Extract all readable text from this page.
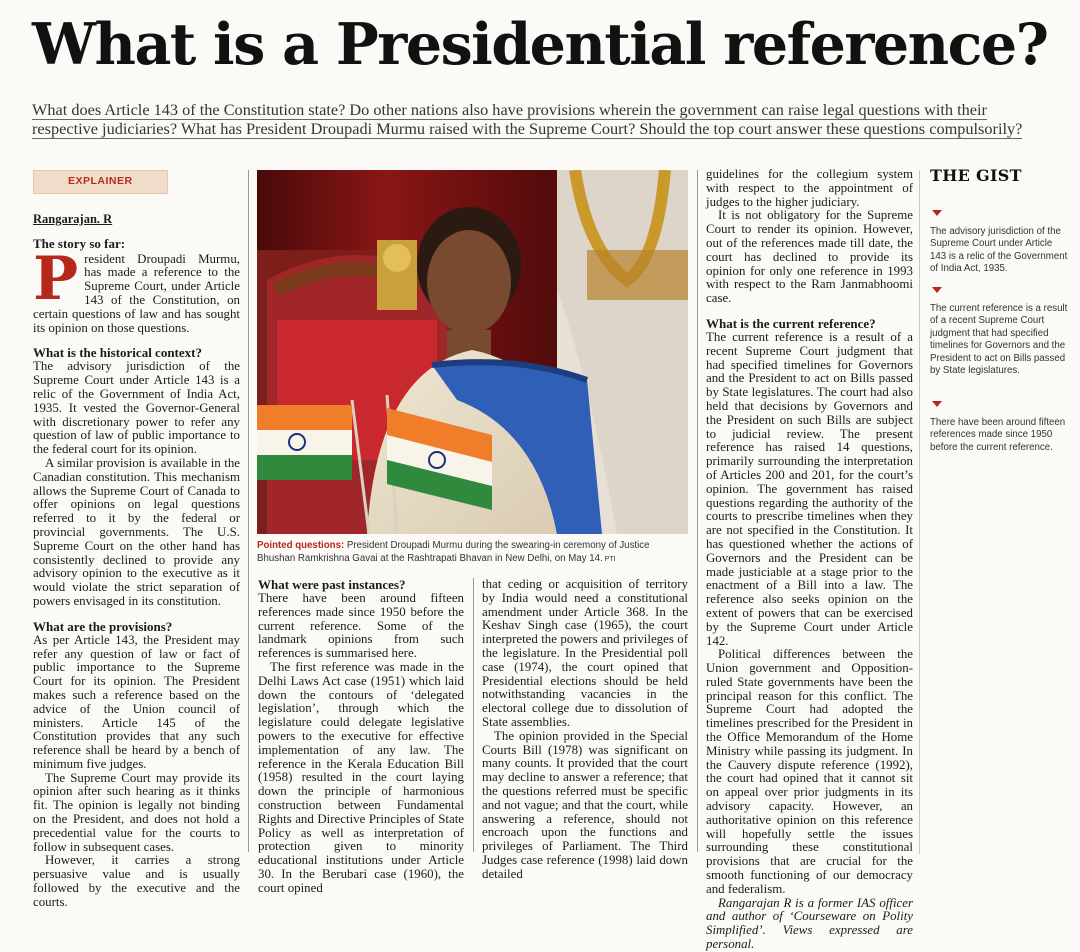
What is a Presidential reference?
What does Article 143 of the Constitution state? Do other nations also have provisions wherein the government can raise legal questions with their respective judiciaries? What has President Droupadi Murmu raised with the Supreme Court? Should the top court answer these questions compulsorily?
EXPLAINER
Rangarajan. R
The story so far:

President Droupadi Murmu, has made a reference to the Supreme Court, under Article 143 of the Constitution, on certain questions of law and has sought its opinion on those questions.

What is the historical context?

The advisory jurisdiction of the Supreme Court under Article 143 is a relic of the Government of India Act, 1935. It vested the Governor-General with discretionary power to refer any question of law of public importance to the federal court for its opinion.

A similar provision is available in the Canadian constitution. This mechanism allows the Supreme Court of Canada to offer opinions on legal questions referred to it by the federal or provincial governments. The U.S. Supreme Court on the other hand has consistently declined to provide any advisory opinion to the executive as it would violate the strict separation of powers envisaged in its constitution.

What are the provisions?

As per Article 143, the President may refer any question of law or fact of public importance to the Supreme Court for its opinion. The President makes such a reference based on the advice of the Union council of ministers. Article 145 of the Constitution provides that any such reference shall be heard by a bench of minimum five judges.

The Supreme Court may provide its opinion after such hearing as it thinks fit. The opinion is legally not binding on the President, and does not hold a precedential value for the courts to follow in subsequent cases.

However, it carries a strong persuasive value and is usually followed by the executive and the courts.

Pointed questions: President Droupadi Murmu during the swearing-in ceremony of Justice Bhushan Ramkrishna Gavai at the Rashtrapati Bhavan in New Delhi, on May 14. PTI
What were past instances?

There have been around fifteen references made since 1950 before the current reference. Some of the landmark opinions from such references is summarised here.

The first reference was made in the Delhi Laws Act case (1951) which laid down the contours of ‘delegated legislation’, through which the legislature could delegate legislative powers to the executive for effective implementation of any law. The reference in the Kerala Education Bill (1958) resulted in the court laying down the principle of harmonious construction between Fundamental Rights and Directive Principles of State Policy as well as interpretation of protection given to minority educational institutions under Article 30. In the Berubari case (1960), the court opined

that ceding or acquisition of territory by India would need a constitutional amendment under Article 368. In the Keshav Singh case (1965), the court interpreted the powers and privileges of the legislature. In the Presidential poll case (1974), the court opined that Presidential elections should be held notwithstanding vacancies in the electoral college due to dissolution of State assemblies.

The opinion provided in the Special Courts Bill (1978) was significant on many counts. It provided that the court may decline to answer a reference; that the questions referred must be specific and not vague; and that the court, while answering a reference, should not encroach upon the functions and privileges of Parliament. The Third Judges case reference (1998) laid down detailed

guidelines for the collegium system with respect to the appointment of judges to the higher judiciary.

It is not obligatory for the Supreme Court to render its opinion. However, out of the references made till date, the court has declined to provide its opinion for only one reference in 1993 with respect to the Ram Janmabhoomi case.

What is the current reference?

The current reference is a result of a recent Supreme Court judgment that had specified timelines for Governors and the President to act on Bills passed by State legislatures. The court had also held that decisions by Governors and the President on such Bills are subject to judicial review. The present reference has raised 14 questions, primarily surrounding the interpretation of Articles 200 and 201, for the court’s opinion. The government has raised questions regarding the authority of the courts to prescribe timelines when they are not specified in the Constitution. It has questioned whether the actions of Governors and the President can be made justiciable at a stage prior to the enactment of a Bill into a law. The reference also seeks opinion on the extent of powers that can be exercised by the Supreme Court under Article 142.

Political differences between the Union government and Opposition-ruled State governments have been the principal reason for this conflict. The Supreme Court had adopted the timelines prescribed for the President in the Office Memorandum of the Home Ministry while passing its judgment. In the Cauvery dispute reference (1992), the court had opined that it cannot sit on appeal over prior judgments in its advisory capacity. However, an authoritative opinion on this reference will hopefully settle the issues surrounding these constitutional provisions that are crucial for the smooth functioning of our democracy and federalism.

Rangarajan R is a former IAS officer and author of ‘Courseware on Polity Simplified’. Views expressed are personal.

THE GIST
The advisory jurisdiction of the Supreme Court under Article 143 is a relic of the Government of India Act, 1935.
The current reference is a result of a recent Supreme Court judgment that had specified timelines for Governors and the President to act on Bills passed by State legislatures.
There have been around fifteen references made since 1950 before the current reference.
